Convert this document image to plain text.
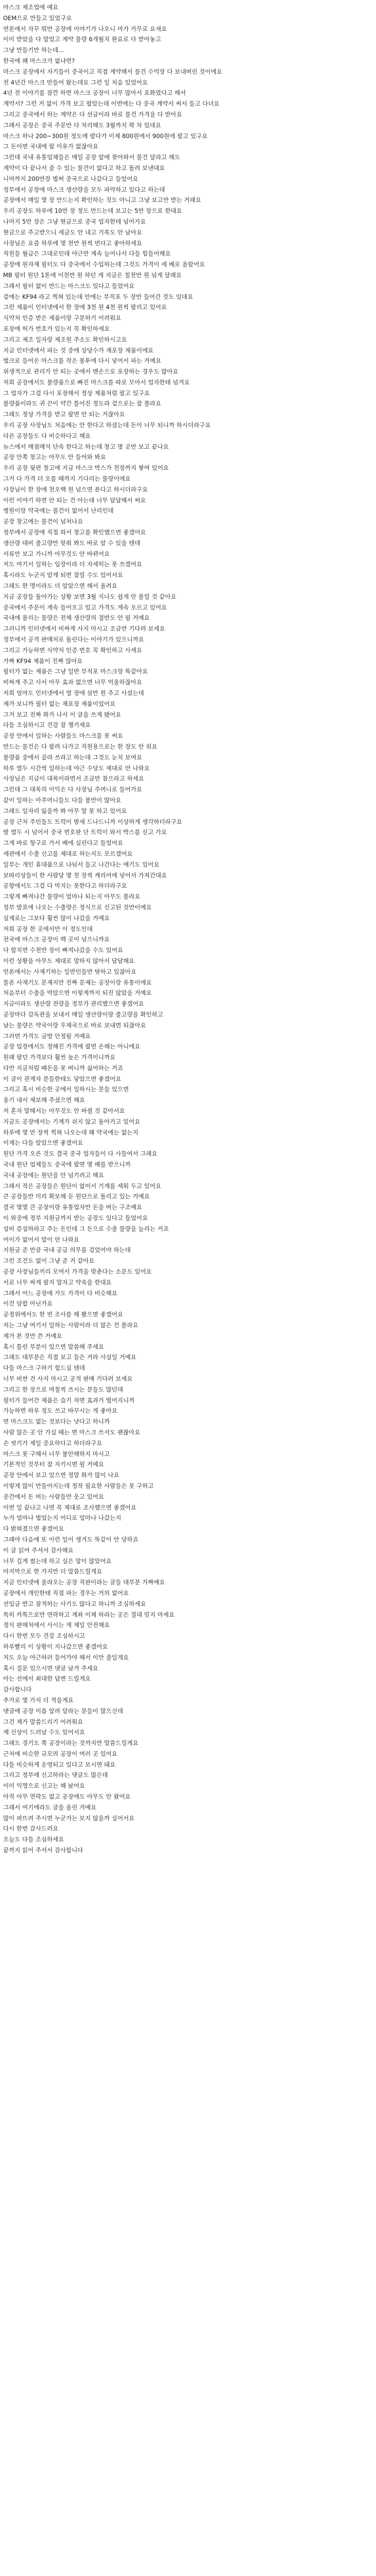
마스크 제조업에 예요
OEM으로 만들고 있었구요
연론에서 자꾸 뭐만 공장에 이야기가 나오니 마가 가무로 요새요
이미 받았을 다 말었고 계약 물량 6개월치 완료로 다 받아놓고
그냥 만들기만 하는데...
한국에 왜 마스크가 없냐면?
마스크 공장에서 자기들이 중국이고 직접 계약해서 물건 수억장 다 보내버린 것이에요
전 4년간 마스크 만들어 왔는데요 그런 일 처음 있었어요
4년 전 이야기를 잠깐 하면 마스크 공장이 너무 많아서 포화였다고 해서
계약서? 그런 거 없이 가격 보고 팔았는데 이번에는 다 중국 계약서 써서 들고 다녀요
그리고 중국에서 하는 계약은 다 선금이라 바로 물건 가격을 다 받아요
그래서 공장은 중국 주문만 다 처리해도 3월까지 꽉 차 있대요
마스크 하나 200~300원 정도에 팔다가 이제 800원에서 900원에 팔고 있구요
그 돈이면 국내에 팔 이유가 없잖아요
그런데 국내 유통업체들은 매일 공장 앞에 찾아와서 물건 달라고 해도
계약이 다 끝나서 줄 수 있는 물건이 없다고 하고 돌려 보낸대요
니머까지 200만장 벌써 중국으로 나갔다고 들었어요
정부에서 공장에 마스크 생산량을 모두 파악하고 있다고 하는데
공장에서 매일 몇 장 만드는지 확인하는 것도 아니고 그냥 보고만 받는 거래요
우리 공장도 하루에 10만 장 정도 만드는데 보고는 5만 장으로 한대요
나머지 5만 장은 그냥 현금으로 중국 업자한테 넘어가요
현금으로 주고받으니 세금도 안 내고 기록도 안 남아요
사장님은 요즘 하루에 몇 천만 원씩 번다고 좋아하세요
직원들 월급은 그대로인데 야근만 계속 늘어나서 다들 힘들어해요
공장에 원자재 필터도 다 중국에서 수입하는데 그것도 가격이 세 배로 올랐어요
MB 필터 원단 1톤에 이천만 원 하던 게 지금은 칠천만 원 넘게 달래요
그래서 필터 없이 만드는 마스크도 있다고 들었어요
겉에는 KF94 라고 찍혀 있는데 안에는 부직포 두 장만 들어간 것도 있대요
그런 제품이 인터넷에서 한 장에 3천 원 4천 원씩 팔리고 있어요
식약처 인증 받은 제품이랑 구분하기 어려워요
포장에 허가 번호가 있는지 꼭 확인하세요
그리고 제조 일자랑 제조원 주소도 확인하시고요
지금 인터넷에서 파는 것 중에 상당수가 재포장 제품이에요
벌크로 들어온 마스크를 작은 봉투에 다시 넣어서 파는 거예요
위생적으로 관리가 안 되는 곳에서 맨손으로 포장하는 경우도 많아요
저희 공장에서도 불량품으로 빠진 마스크를 따로 모아서 업자한테 넘겨요
그 업자가 그걸 다시 포장해서 정상 제품처럼 팔고 있구요
불량품이라도 귀 끈이 약간 틀어진 정도라 겉으로는 잘 몰라요
그래도 정상 가격을 받고 팔면 안 되는 거잖아요
우리 공장 사장님도 처음에는 안 한다고 하셨는데 돈이 너무 되니까 하시더라구요
다른 공장들도 다 비슷하다고 해요
뉴스에서 매점매석 단속 한다고 하는데 창고 몇 곳만 보고 끝나요
공장 안쪽 창고는 아무도 안 들어와 봐요
우리 공장 뒷편 창고에 지금 마스크 박스가 천장까지 쌓여 있어요
그거 다 가격 더 오를 때까지 기다리는 물량이에요
사장님이 한 장에 천오백 원 넘으면 푼다고 하시더라구요
이런 이야기 하면 안 되는 건 아는데 너무 답답해서 써요
병원이랑 약국에는 물건이 없어서 난리인데
공장 창고에는 물건이 넘쳐나요
정부에서 공장에 직접 와서 창고를 확인했으면 좋겠어요
생산량 대비 출고량만 맞춰 봐도 바로 알 수 있을 텐데
서류만 보고 가니까 아무것도 안 바뀌어요
저도 여기서 일하는 입장이라 더 자세히는 못 쓰겠어요
혹시라도 누군지 알게 되면 잘릴 수도 있어서요
그래도 한 명이라도 더 알았으면 해서 올려요
지금 공장들 돌아가는 상황 보면 3월 지나도 쉽게 안 풀릴 것 같아요
중국에서 주문이 계속 들어오고 있고 가격도 계속 오르고 있어요
국내에 풀리는 물량은 전체 생산량의 절반도 안 될 거예요
그러니까 인터넷에서 비싸게 사지 마시고 조금만 기다려 보세요
정부에서 공적 판매처로 돌린다는 이야기가 있으니까요
그리고 가능하면 식약처 인증 번호 꼭 확인하고 사세요
가짜 KF94 제품이 진짜 많아요
필터가 없는 제품은 그냥 일반 부직포 마스크랑 똑같아요
비싸게 주고 사서 아무 효과 없으면 너무 억울하잖아요
저희 엄마도 인터넷에서 열 장에 삼만 원 주고 사셨는데
제가 보니까 필터 없는 재포장 제품이었어요
그거 보고 진짜 화가 나서 이 글을 쓰게 됐어요
다들 조심하시고 건강 잘 챙기세요
공장 안에서 일하는 사람들도 마스크를 못 써요
만드는 물건은 다 팔려 나가고 직원용으로는 한 장도 안 줘요
불량품 중에서 골라 쓰라고 하는데 그것도 눈치 보여요
하루 열두 시간씩 일하는데 야근 수당도 제대로 안 나와요
사장님은 지금이 대목이라면서 조금만 참으라고 하세요
그런데 그 대목의 이익은 다 사장님 주머니로 들어가요
같이 일하는 아주머니들도 다들 불만이 많아요
그래도 일자리 잃을까 봐 아무 말 못 하고 있어요
공장 근처 주민들도 트럭이 밤새 드나드니까 이상하게 생각하더라구요
밤 열두 시 넘어서 중국 번호판 단 트럭이 와서 박스를 싣고 가요
그게 바로 항구로 가서 배에 실린다고 들었어요
세관에서 수출 신고를 제대로 하는지도 모르겠어요
일부는 개인 휴대품으로 나눠서 들고 나간다는 얘기도 있어요
보따리상들이 한 사람당 몇 천 장씩 캐리어에 넣어서 가져간대요
공항에서도 그걸 다 막지는 못한다고 하더라구요
그렇게 빠져나간 물량이 얼마나 되는지 아무도 몰라요
정부 발표에 나오는 수출량은 정식으로 신고된 것만이에요
실제로는 그보다 훨씬 많이 나갔을 거예요
저희 공장 한 곳에서만 이 정도인데
전국에 마스크 공장이 백 곳이 넘으니까요
다 합치면 수천만 장이 빠져나갔을 수도 있어요
이런 상황을 아무도 제대로 말하지 않아서 답답해요
언론에서는 사재기하는 일반인들만 탓하고 있잖아요
물론 사재기도 문제지만 진짜 문제는 공장이랑 유통이에요
처음부터 수출을 막았으면 이렇게까지 되진 않았을 거예요
지금이라도 생산량 전량을 정부가 관리했으면 좋겠어요
공장마다 감독관을 보내서 매일 생산량이랑 출고량을 확인하고
남는 물량은 약국이랑 우체국으로 바로 보내면 되잖아요
그러면 가격도 금방 안정될 거예요
공장 입장에서도 정해진 가격에 팔면 손해는 아니에요
원래 팔던 가격보다 훨씬 높은 가격이니까요
다만 지금처럼 떼돈을 못 버니까 싫어하는 거죠
이 글이 관계자 분들한테도 닿았으면 좋겠어요
그리고 혹시 비슷한 곳에서 일하시는 분들 있으면
용기 내서 제보해 주셨으면 해요
저 혼자 말해서는 아무것도 안 바뀔 것 같아서요
지금도 공장에서는 기계가 쉬지 않고 돌아가고 있어요
하루에 몇 만 장씩 찍혀 나오는데 왜 약국에는 없는지
이제는 다들 알았으면 좋겠어요
원단 가격 오른 것도 결국 중국 업자들이 다 사들여서 그래요
국내 원단 업체들도 중국에 팔면 몇 배를 받으니까
국내 공장에는 원단을 안 넘기려고 해요
그래서 작은 공장들은 원단이 없어서 기계를 세워 두고 있어요
큰 공장들만 미리 확보해 둔 원단으로 돌리고 있는 거예요
결국 몇몇 큰 공장이랑 유통업자만 돈을 버는 구조예요
이 와중에 정부 지원금까지 받는 공장도 있다고 들었어요
설비 증설하라고 주는 돈인데 그 돈으로 수출 물량을 늘리는 거죠
어이가 없어서 말이 안 나와요
지원금 준 만큼 국내 공급 의무를 걸었어야 하는데
그런 조건도 없이 그냥 준 거 같아요
공장 사장님들끼리 모여서 가격을 맞춘다는 소문도 있어요
서로 너무 싸게 팔지 말자고 약속을 한대요
그래서 어느 공장에 가도 가격이 다 비슷해요
이건 담합 아닌가요
공정위에서도 한 번 조사를 해 봤으면 좋겠어요
저는 그냥 여기서 일하는 사람이라 더 많은 건 몰라요
제가 본 것만 쓴 거예요
혹시 틀린 부분이 있으면 말씀해 주세요
그래도 대부분은 직접 보고 들은 거라 사실일 거예요
다들 마스크 구하기 힘드실 텐데
너무 비싼 건 사지 마시고 공적 판매 기다려 보세요
그리고 한 장으로 며칠씩 쓰시는 분들도 많던데
필터가 들어간 제품은 습기 차면 효과가 떨어지니까
가능하면 하루 정도 쓰고 바꾸시는 게 좋아요
면 마스크도 없는 것보다는 낫다고 하니까
사람 많은 곳 안 가실 때는 면 마스크 쓰셔도 괜찮아요
손 씻기가 제일 중요하다고 하더라구요
마스크 못 구해서 너무 불안해하지 마시고
기본적인 것부터 잘 지키시면 될 거예요
공장 안에서 보고 있으면 정말 화가 많이 나요
이렇게 많이 만들어지는데 정작 필요한 사람들은 못 구하고
중간에서 돈 버는 사람들만 웃고 있어요
이번 일 끝나고 나면 꼭 제대로 조사했으면 좋겠어요
누가 얼마나 벌었는지 어디로 얼마나 나갔는지
다 밝혀졌으면 좋겠어요
그래야 다음에 또 이런 일이 생겨도 똑같이 안 당하죠
이 글 읽어 주셔서 감사해요
너무 길게 썼는데 하고 싶은 말이 많았어요
마지막으로 한 가지만 더 말씀드릴게요
지금 인터넷에 올라오는 공장 직판이라는 글들 대부분 가짜예요
공장에서 개인한테 직접 파는 경우는 거의 없어요
선입금 받고 잠적하는 사기도 많다고 하니까 조심하세요
특히 카톡으로만 연락하고 계좌 이체 하라는 곳은 절대 믿지 마세요
정식 판매처에서 사시는 게 제일 안전해요
다시 한번 모두 건강 조심하시고
하루빨리 이 상황이 지나갔으면 좋겠어요
저도 오늘 야근하러 들어가야 해서 이만 줄일게요
혹시 질문 있으시면 댓글 남겨 주세요
아는 선에서 최대한 답변 드릴게요
감사합니다
추가로 몇 가지 더 적을게요
댓글에 공장 이름 알려 달라는 분들이 많으신데
그건 제가 말씀드리기 어려워요
제 신상이 드러날 수도 있어서요
그래도 경기도 쪽 공장이라는 것까지만 말씀드릴게요
근처에 비슷한 규모의 공장이 여러 곳 있어요
다들 비슷하게 운영되고 있다고 보시면 돼요
그리고 정부에 신고하라는 댓글도 많은데
이미 익명으로 신고는 해 놨어요
아직 아무 연락도 없고 공장에도 아무도 안 왔어요
그래서 여기에라도 글을 올린 거예요
많이 퍼뜨려 주시면 누군가는 보지 않을까 싶어서요
다시 한번 감사드려요
오늘도 다들 조심하세요
끝까지 읽어 주셔서 감사합니다
